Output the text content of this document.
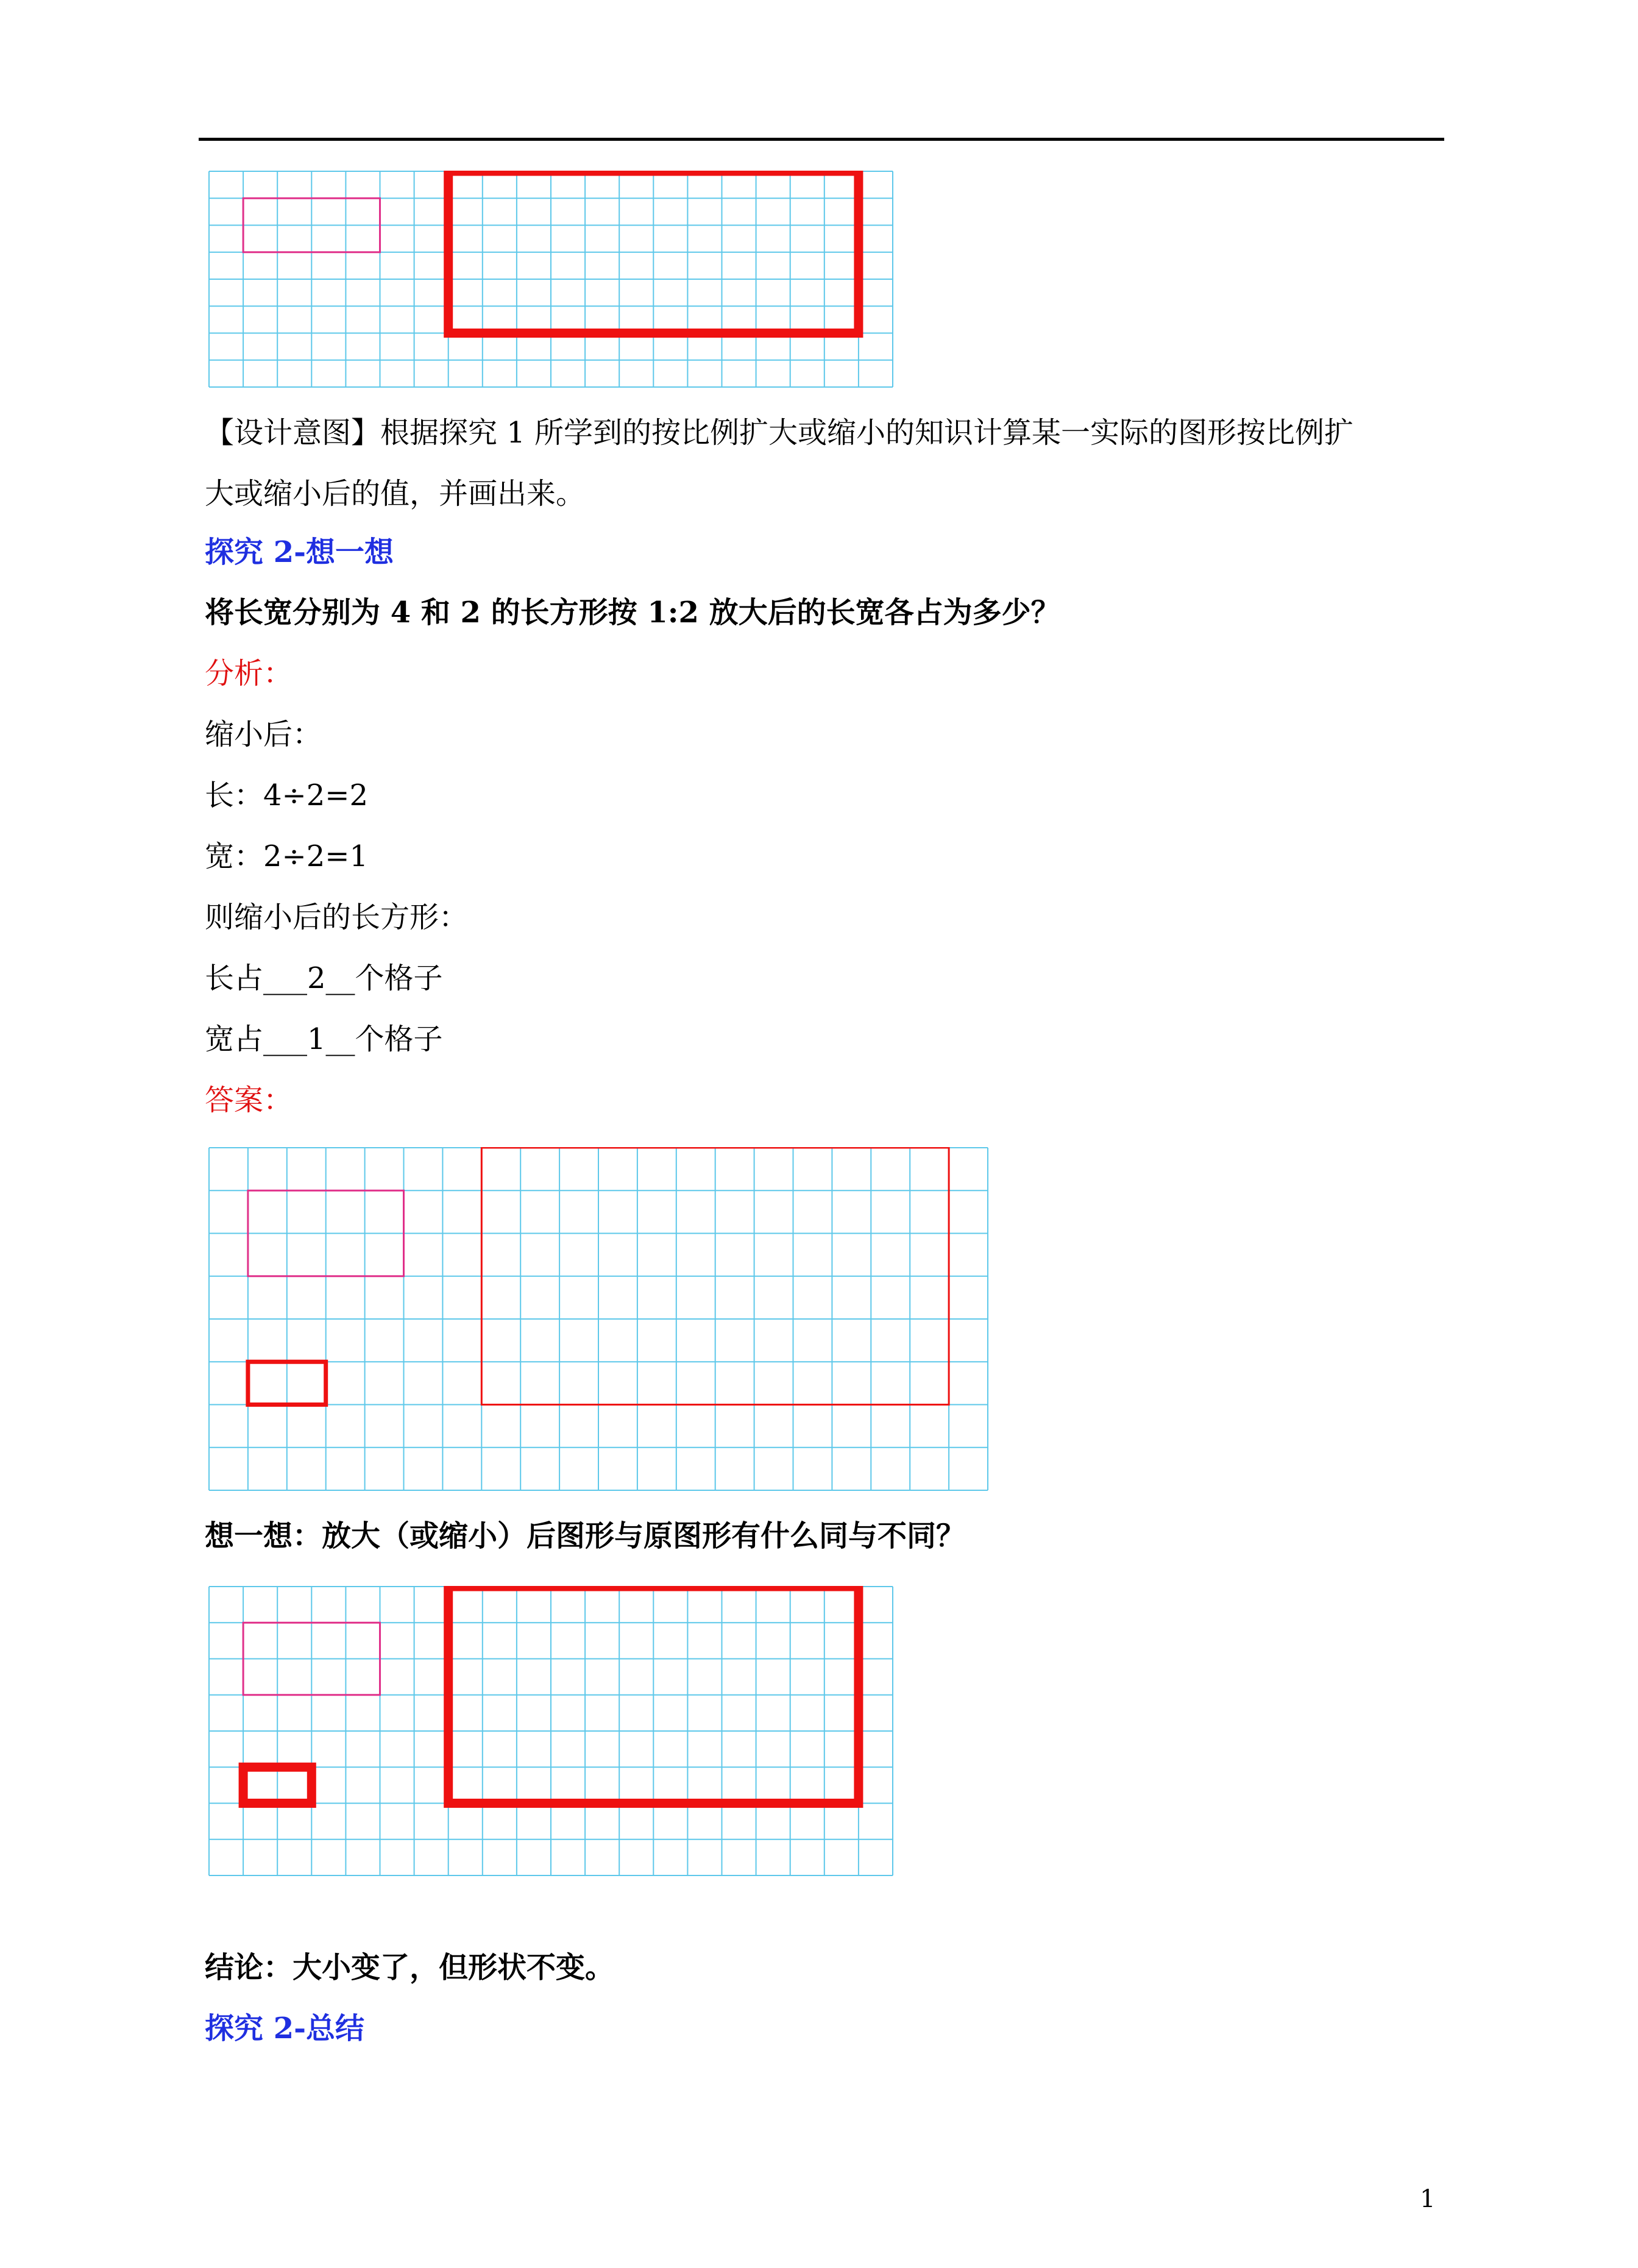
【设计意图】根据探究 1 所学到的按比例扩大或缩小的知识计算某一实际的图形按比例扩
大或缩小后的值，并画出来。
探究 2-想一想
将长宽分别为 4 和 2 的长方形按 1:2 放大后的长宽各占为多少？
分析：
缩小后：
长：4÷2=2
宽：2÷2=1
则缩小后的长方形：
长占___2__个格子
宽占___1__个格子
答案：
想一想：放大（或缩小）后图形与原图形有什么同与不同？
结论：大小变了，但形状不变。
探究 2-总结
1
